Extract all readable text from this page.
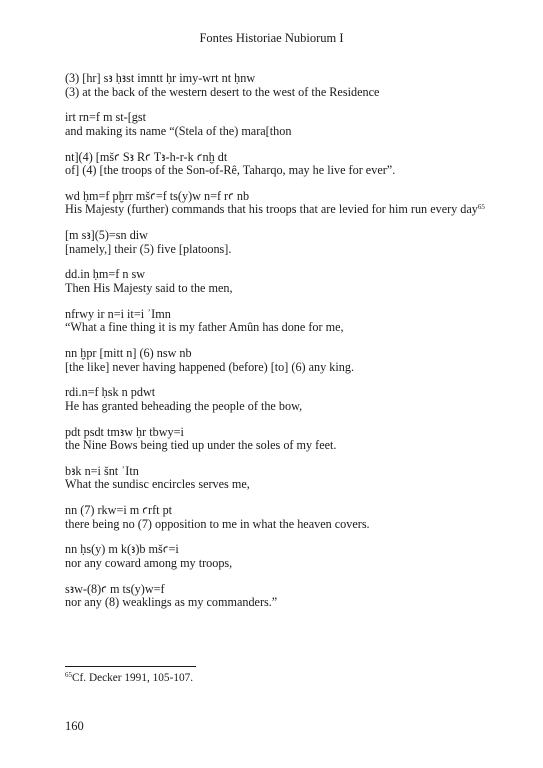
Fontes Historiae Nubiorum I
(3) [hr] sꜣ ḥꜣst imntt ḥr imy-wrt nt ḥnw
(3) at the back of the western desert to the west of the Residence
irt rn=f m st-[gst
and making its name “(Stela of the) mara[thon
nt](4) [mšꜥ Sꜣ Rꜥ Tꜣ-h-r-k ꜥnḫ dt
of] (4) [the troops of the Son-of-Rê, Taharqo, may he live for ever”.
wd ḥm=f pḫrr mšꜥ=f ts(y)w n=f rꜥ nb
His Majesty (further) commands that his troops that are levied for him run every day$^{65}$
[m sꜣ](5)=sn diw
[namely,] their (5) five [platoons].
dd.in ḥm=f n sw
Then His Majesty said to the men,
nfrwy ir n=i it=i ʾImn
“What a fine thing it is my father Amûn has done for me,
nn ḫpr [mitt n] (6) nsw nb
[the like] never having happened (before) [to] (6) any king.
rdi.n=f ḥsk n pdwt
He has granted beheading the people of the bow,
pdt psdt tmꜣw ḥr tbwy=i
the Nine Bows being tied up under the soles of my feet.
bꜣk n=i šnt ʾItn
What the sundisc encircles serves me,
nn (7) rkw=i m ꜥrft pt
there being no (7) opposition to me in what the heaven covers.
nn ḥs(y) m k(ꜣ)b mšꜥ=i
nor any coward among my troops,
sꜣw-(8)ꜥ m ts(y)w=f
nor any (8) weaklings as my commanders.”
$^{65}$Cf. Decker 1991, 105-107.
160
